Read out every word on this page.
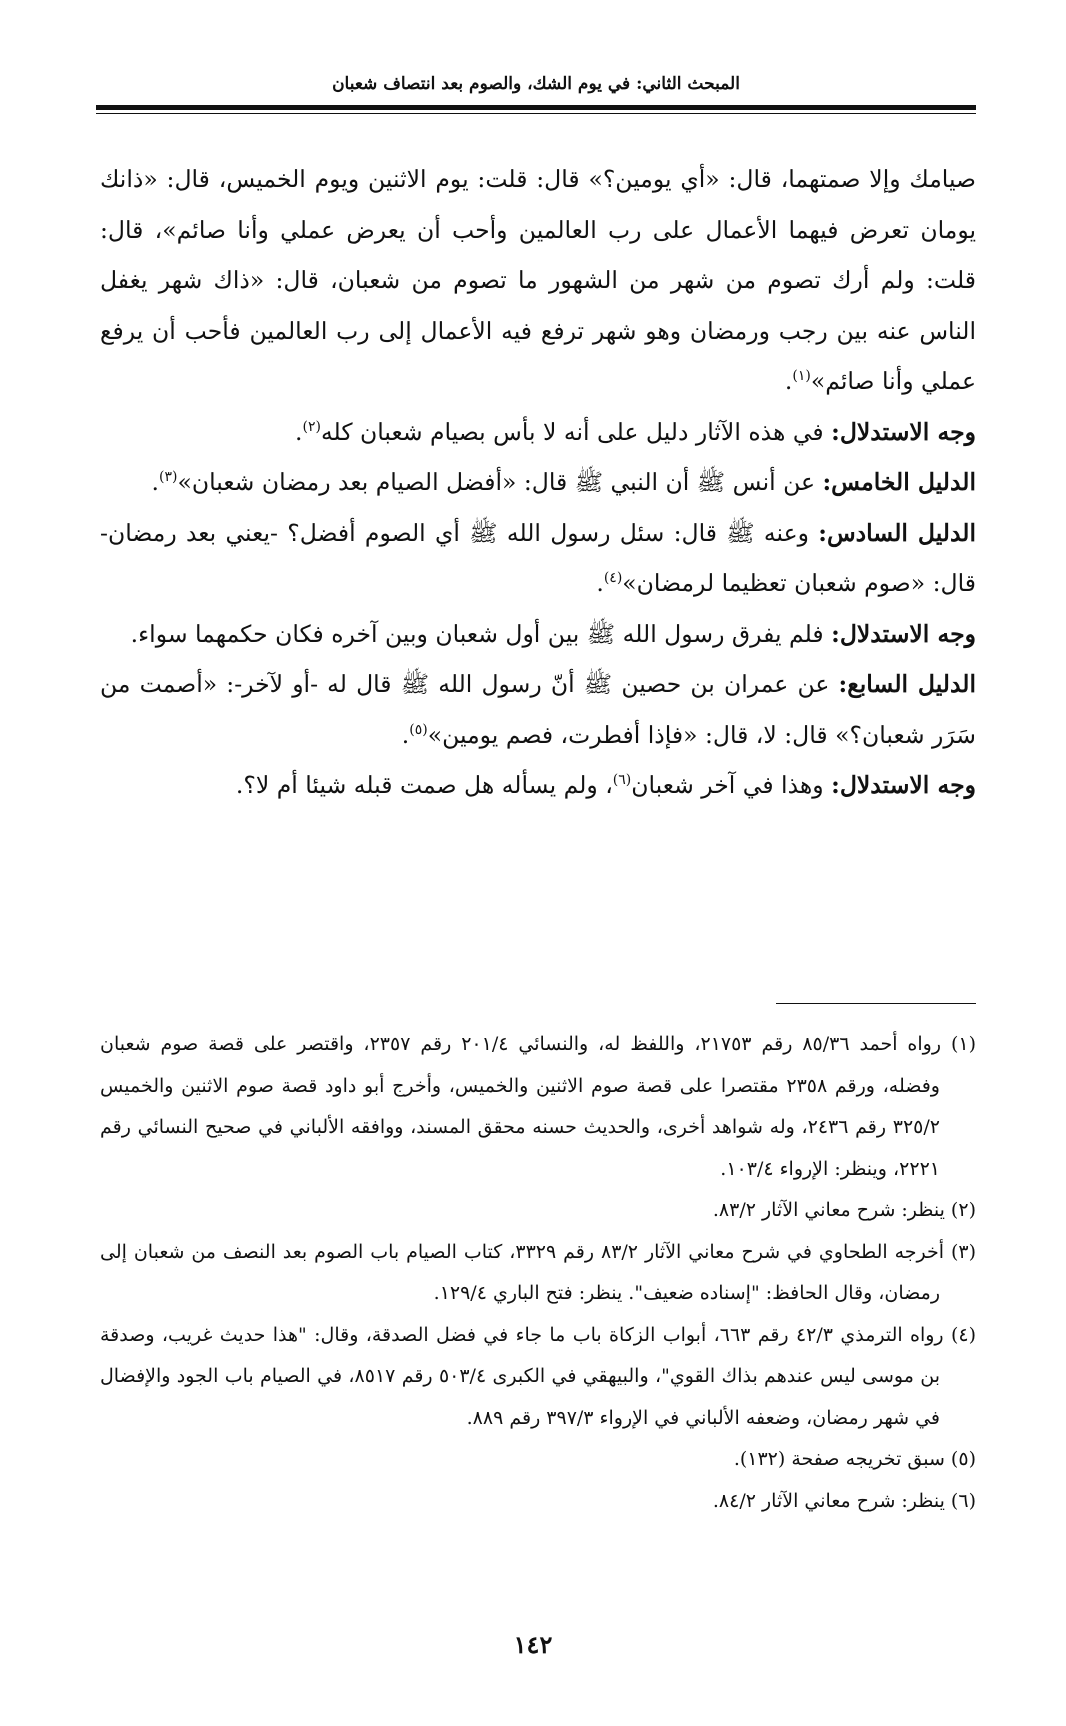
المبحث الثاني: في يوم الشك، والصوم بعد انتصاف شعبان

صيامك وإلا صمتهما، قال: «أي يومين؟» قال: قلت: يوم الاثنين ويوم الخميس، قال: «ذانك يومان تعرض فيهما الأعمال على رب العالمين وأحب أن يعرض عملي وأنا صائم»، قال: قلت: ولم أرك تصوم من شهر من الشهور ما تصوم من شعبان، قال: «ذاك شهر يغفل الناس عنه بين رجب ورمضان وهو شهر ترفع فيه الأعمال إلى رب العالمين فأحب أن يرفع عملي وأنا صائم»$^{(١)}$.

وجه الاستدلال: في هذه الآثار دليل على أنه لا بأس بصيام شعبان كله$^{(٢)}$.

الدليل الخامس: عن أنس ﷺ أن النبي ﷺ قال: «أفضل الصيام بعد رمضان شعبان»$^{(٣)}$.

الدليل السادس: وعنه ﷺ قال: سئل رسول الله ﷺ أي الصوم أفضل؟ -يعني بعد رمضان- قال: «صوم شعبان تعظيما لرمضان»$^{(٤)}$.

وجه الاستدلال: فلم يفرق رسول الله ﷺ بين أول شعبان وبين آخره فكان حكمهما سواء.

الدليل السابع: عن عمران بن حصين ﷺ أنّ رسول الله ﷺ قال له -أو لآخر-: «أصمت من سَرَر شعبان؟» قال: لا، قال: «فإذا أفطرت، فصم يومين»$^{(٥)}$.

وجه الاستدلال: وهذا في آخر شعبان$^{(٦)}$، ولم يسأله هل صمت قبله شيئا أم لا؟.

(١) رواه أحمد ٨٥/٣٦ رقم ٢١٧٥٣، واللفظ له، والنسائي ٢٠١/٤ رقم ٢٣٥٧، واقتصر على قصة صوم شعبان وفضله، ورقم ٢٣٥٨ مقتصرا على قصة صوم الاثنين والخميس، وأخرج أبو داود قصة صوم الاثنين والخميس ٣٢٥/٢ رقم ٢٤٣٦، وله شواهد أخرى، والحديث حسنه محقق المسند، ووافقه الألباني في صحيح النسائي رقم ٢٢٢١، وينظر: الإرواء ١٠٣/٤.

(٢) ينظر: شرح معاني الآثار ٨٣/٢.

(٣) أخرجه الطحاوي في شرح معاني الآثار ٨٣/٢ رقم ٣٣٢٩، كتاب الصيام باب الصوم بعد النصف من شعبان إلى رمضان، وقال الحافظ: "إسناده ضعيف". ينظر: فتح الباري ١٢٩/٤.

(٤) رواه الترمذي ٤٢/٣ رقم ٦٦٣، أبواب الزكاة باب ما جاء في فضل الصدقة، وقال: "هذا حديث غريب، وصدقة بن موسى ليس عندهم بذاك القوي"، والبيهقي في الكبرى ٥٠٣/٤ رقم ٨٥١٧، في الصيام باب الجود والإفضال في شهر رمضان، وضعفه الألباني في الإرواء ٣٩٧/٣ رقم ٨٨٩.

(٥) سبق تخريجه صفحة (١٣٢).

(٦) ينظر: شرح معاني الآثار ٨٤/٢.

١٤٢
